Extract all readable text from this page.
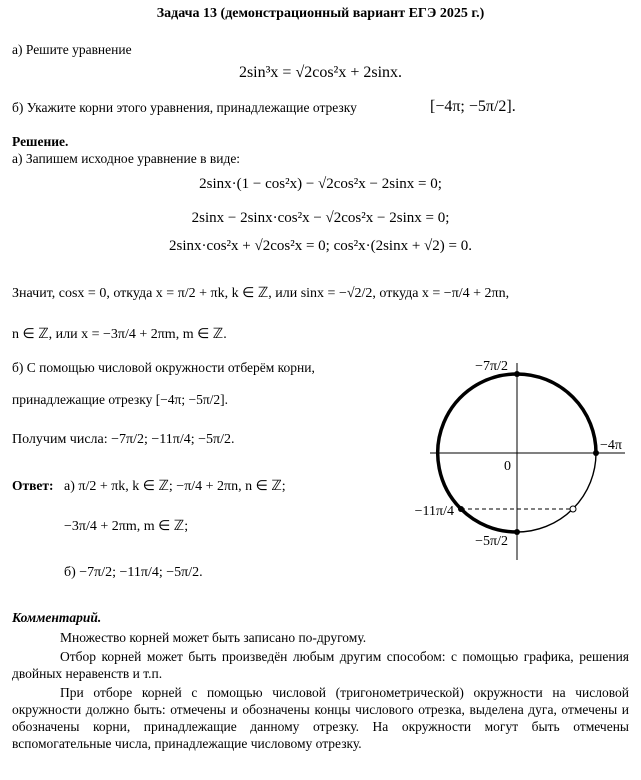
Задача 13 (демонстрационный вариант ЕГЭ 2025 г.)
а) Решите уравнение
2sin³x = √2cos²x + 2sinx.
б) Укажите корни этого уравнения, принадлежащие отрезку	[−4π; −5π/2].
Решение.
а) Запишем исходное уравнение в виде:
2sinx·(1 − cos²x) − √2cos²x − 2sinx = 0;
2sinx − 2sinx·cos²x − √2cos²x − 2sinx = 0;
2sinx·cos²x + √2cos²x = 0; cos²x·(2sinx + √2) = 0.
Значит, cosx = 0, откуда x = π/2 + πk, k ∈ ℤ, или sinx = −√2/2, откуда x = −π/4 + 2πn,
n ∈ ℤ, или x = −3π/4 + 2πm, m ∈ ℤ.
б) С помощью числовой окружности отберём корни,
принадлежащие отрезку [−4π; −5π/2].
Получим числа: −7π/2; −11π/4; −5π/2.
Ответ: а) π/2 + πk, k ∈ ℤ; −π/4 + 2πn, n ∈ ℤ;
−3π/4 + 2πm, m ∈ ℤ;
б) −7π/2; −11π/4; −5π/2.
−7π/2
−4π
0
−11π/4
−5π/2
Комментарий.
Множество корней может быть записано по-другому.
Отбор корней может быть произведён любым другим способом: с помощью графика, решения двойных неравенств и т.п.
При отборе корней с помощью числовой (тригонометрической) окружности на числовой окружности должно быть: отмечены и обозначены концы числового отрезка, выделена дуга, отмечены и обозначены корни, принадлежащие данному отрезку. На окружности могут быть отмечены вспомогательные числа, принадлежащие числовому отрезку.
